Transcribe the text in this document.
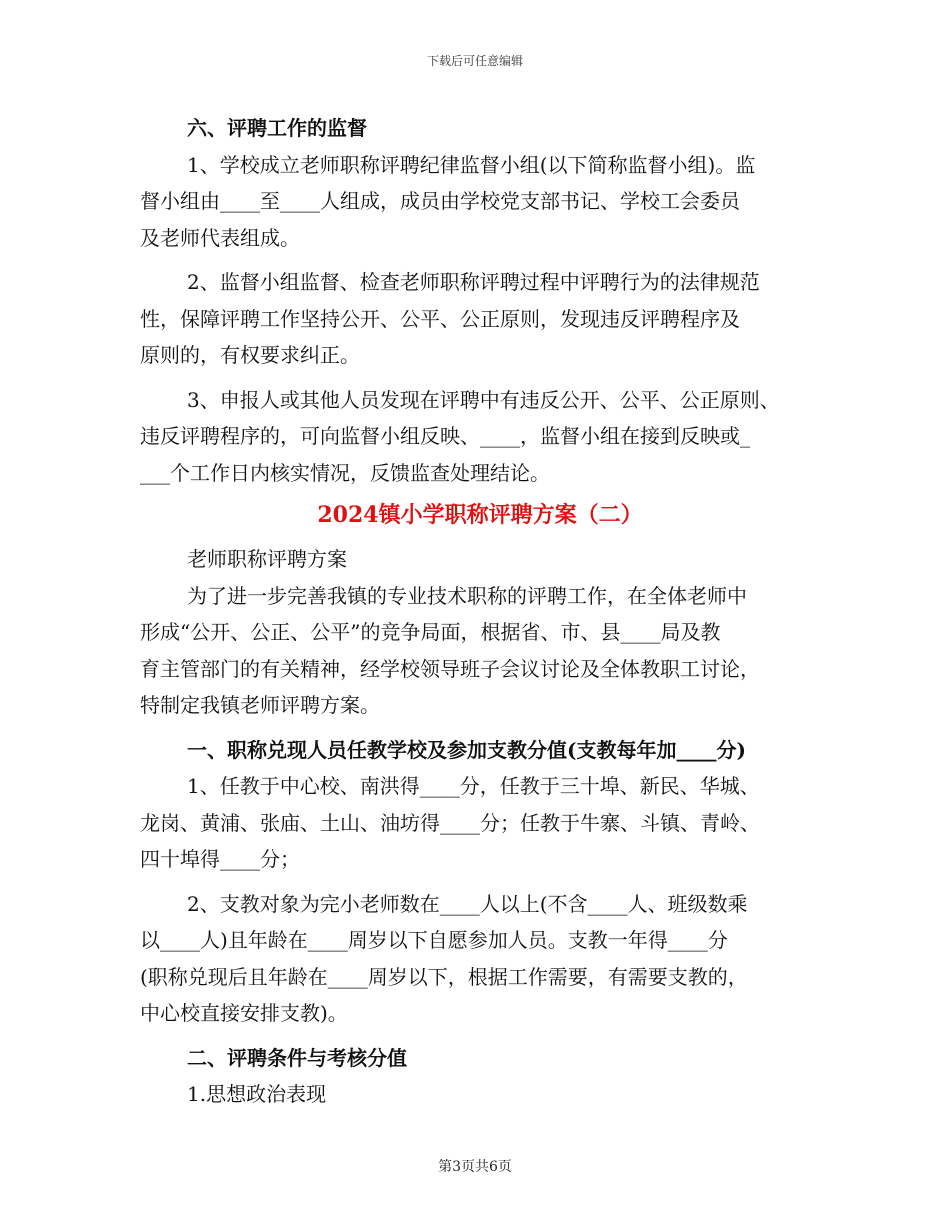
下载后可任意编辑
六、评聘工作的监督
1、学校成立老师职称评聘纪律监督小组(以下简称监督小组)。监
督小组由____至____人组成，成员由学校党支部书记、学校工会委员
及老师代表组成。
2、监督小组监督、检查老师职称评聘过程中评聘行为的法律规范
性，保障评聘工作坚持公开、公平、公正原则，发现违反评聘程序及
原则的，有权要求纠正。
3、申报人或其他人员发现在评聘中有违反公开、公平、公正原则、
违反评聘程序的，可向监督小组反映、____，监督小组在接到反映或_
___个工作日内核实情况，反馈监查处理结论。
2024镇小学职称评聘方案（二）
老师职称评聘方案
为了进一步完善我镇的专业技术职称的评聘工作，在全体老师中
形成“公开、公正、公平”的竞争局面，根据省、市、县____局及教
育主管部门的有关精神，经学校领导班子会议讨论及全体教职工讨论，
特制定我镇老师评聘方案。
一、职称兑现人员任教学校及参加支教分值(支教每年加____分)
1、任教于中心校、南洪得____分，任教于三十埠、新民、华城、
龙岗、黄浦、张庙、土山、油坊得____分；任教于牛寨、斗镇、青岭、
四十埠得____分；
2、支教对象为完小老师数在____人以上(不含____人、班级数乘
以____人)且年龄在____周岁以下自愿参加人员。支教一年得____分
(职称兑现后且年龄在____周岁以下，根据工作需要，有需要支教的，
中心校直接安排支教)。
二、评聘条件与考核分值
1.思想政治表现
第3页共6页
